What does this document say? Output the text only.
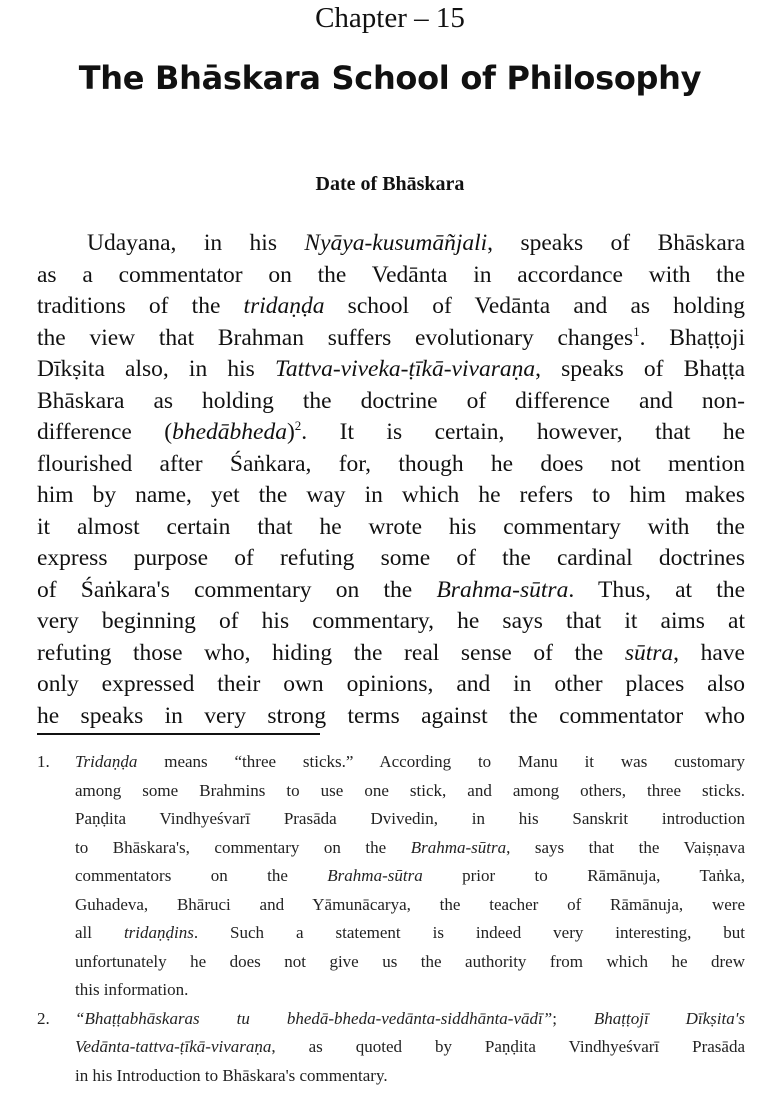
Chapter – 15
The Bhāskara School of Philosophy
Date of Bhāskara
Udayana, in his Nyāya-kusumāñjali, speaks of Bhāskara
as a commentator on the Vedānta in accordance with the
traditions of the tridaṇḍa school of Vedānta and as holding
the view that Brahman suffers evolutionary changes$^1$. Bhaṭṭoji
Dīkṣita also, in his Tattva-viveka-ṭīkā-vivaraṇa, speaks of Bhaṭṭa
Bhāskara as holding the doctrine of difference and non-
difference (bhedābheda)$^2$. It is certain, however, that he
flourished after Śaṅkara, for, though he does not mention
him by name, yet the way in which he refers to him makes
it almost certain that he wrote his commentary with the
express purpose of refuting some of the cardinal doctrines
of Śaṅkara's commentary on the Brahma-sūtra. Thus, at the
very beginning of his commentary, he says that it aims at
refuting those who, hiding the real sense of the sūtra, have
only expressed their own opinions, and in other places also
he speaks in very strong terms against the commentator who
1. Tridaṇḍa means “three sticks.” According to Manu it was customary
among some Brahmins to use one stick, and among others, three sticks.
Paṇḍita Vindhyeśvarī Prasāda Dvivedin, in his Sanskrit introduction
to Bhāskara's, commentary on the Brahma-sūtra, says that the Vaiṣṇava
commentators on the Brahma-sūtra prior to Rāmānuja, Taṅka,
Guhadeva, Bhāruci and Yāmunācarya, the teacher of Rāmānuja, were
all tridaṇḍins. Such a statement is indeed very interesting, but
unfortunately he does not give us the authority from which he drew
this information.
2. “Bhaṭṭabhāskaras tu bhedā-bheda-vedānta-siddhānta-vādī”; Bhaṭṭojī Dīkṣita's
Vedānta-tattva-ṭīkā-vivaraṇa, as quoted by Paṇḍita Vindhyeśvarī Prasāda
in his Introduction to Bhāskara's commentary.
